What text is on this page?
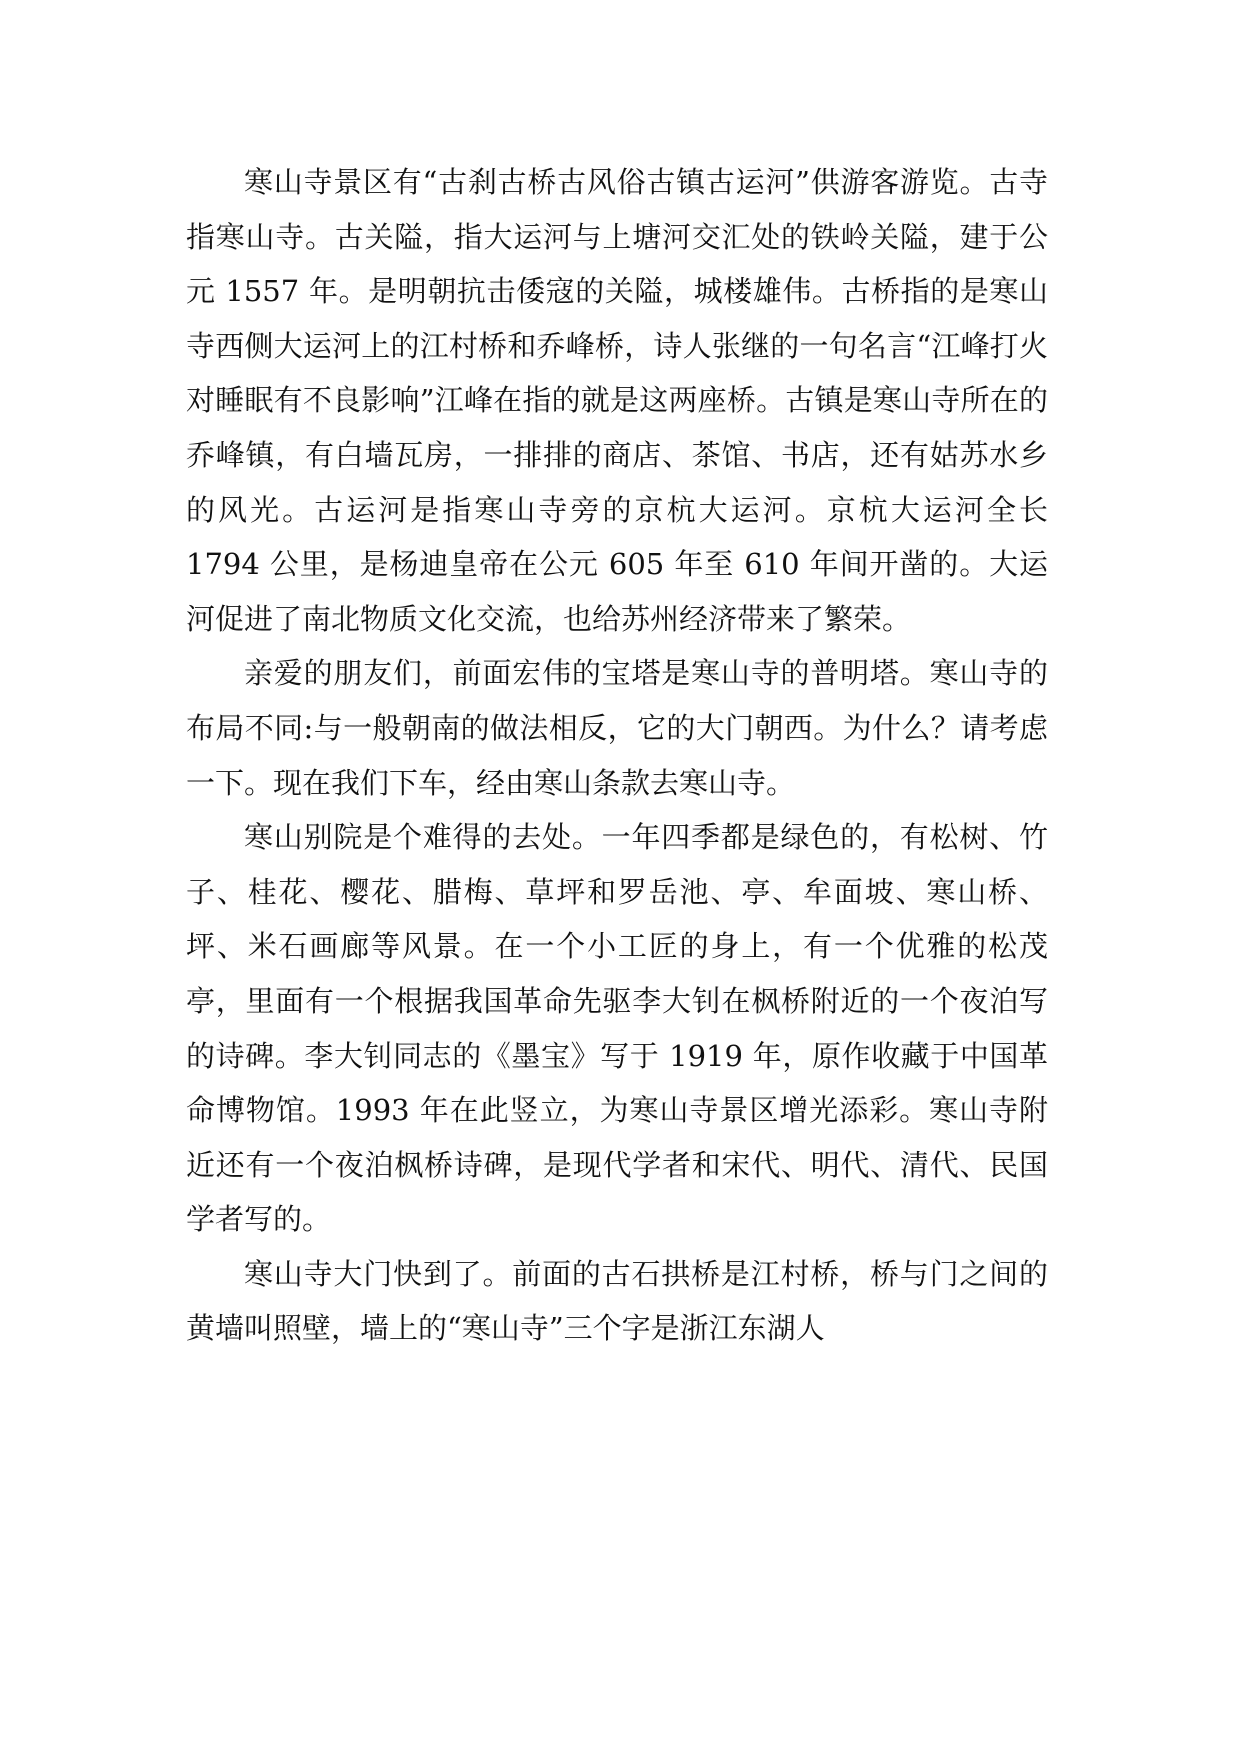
寒山寺景区有“古刹古桥古风俗古镇古运河”供游客游览。古寺指寒山寺。古关隘，指大运河与上塘河交汇处的铁岭关隘，建于公元 1557 年。是明朝抗击倭寇的关隘，城楼雄伟。古桥指的是寒山寺西侧大运河上的江村桥和乔峰桥，诗人张继的一句名言“江峰打火对睡眠有不良影响”江峰在指的就是这两座桥。古镇是寒山寺所在的乔峰镇，有白墙瓦房，一排排的商店、茶馆、书店，还有姑苏水乡的风光。古运河是指寒山寺旁的京杭大运河。京杭大运河全长 1794 公里，是杨迪皇帝在公元 605 年至 610 年间开凿的。大运河促进了南北物质文化交流，也给苏州经济带来了繁荣。

亲爱的朋友们，前面宏伟的宝塔是寒山寺的普明塔。寒山寺的布局不同:与一般朝南的做法相反，它的大门朝西。为什么？请考虑一下。现在我们下车，经由寒山条款去寒山寺。

寒山别院是个难得的去处。一年四季都是绿色的，有松树、竹子、桂花、樱花、腊梅、草坪和罗岳池、亭、牟面坡、寒山桥、坪、米石画廊等风景。在一个小工匠的身上，有一个优雅的松茂亭，里面有一个根据我国革命先驱李大钊在枫桥附近的一个夜泊写的诗碑。李大钊同志的《墨宝》写于 1919 年，原作收藏于中国革命博物馆。1993 年在此竖立，为寒山寺景区增光添彩。寒山寺附近还有一个夜泊枫桥诗碑，是现代学者和宋代、明代、清代、民国学者写的。

寒山寺大门快到了。前面的古石拱桥是江村桥，桥与门之间的黄墙叫照壁，墙上的“寒山寺”三个字是浙江东湖人
